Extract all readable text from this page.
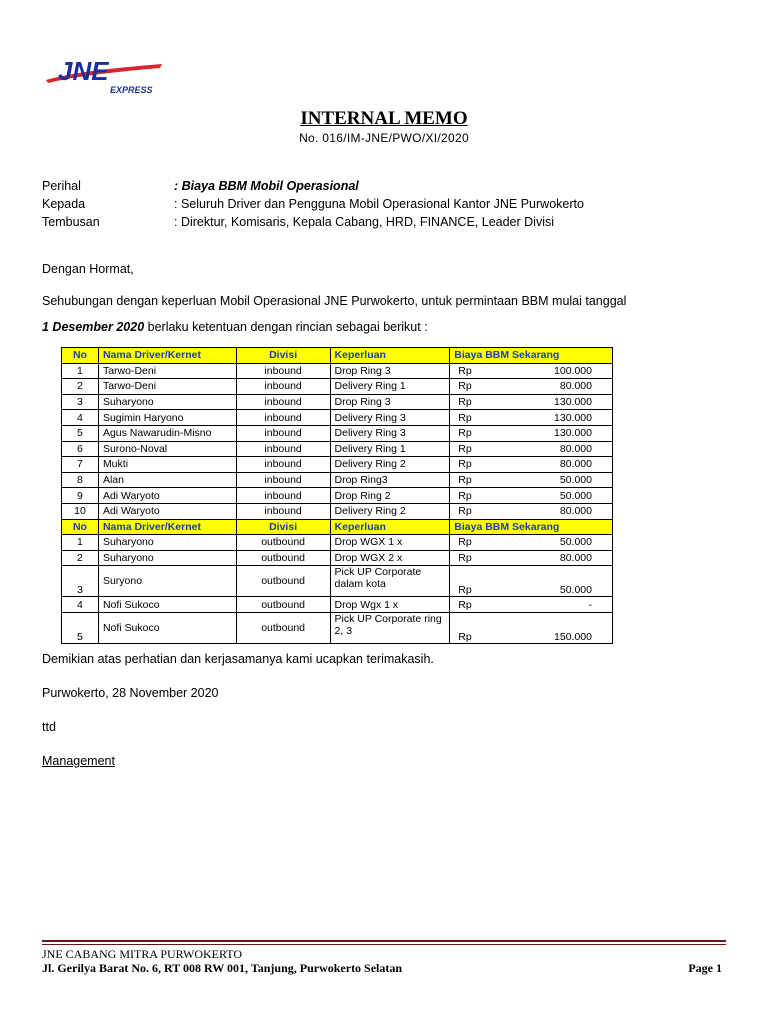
JNE
EXPRESS
INTERNAL MEMO
No. 016/IM-JNE/PWO/XI/2020
Perihal	: Biaya BBM Mobil Operasional
Kepada	: Seluruh Driver dan Pengguna Mobil Operasional Kantor JNE Purwokerto
Tembusan	: Direktur, Komisaris, Kepala Cabang, HRD, FINANCE, Leader Divisi
Dengan Hormat,
Sehubungan dengan keperluan Mobil Operasional JNE Purwokerto, untuk permintaan BBM mulai tanggal
1 Desember 2020 berlaku ketentuan dengan rincian sebagai berikut :
No	Nama Driver/Kernet	Divisi	Keperluan	Biaya BBM Sekarang
1	Tarwo-Deni	inbound	Drop Ring 3	Rp 100.000

2	Tarwo-Deni	inbound	Delivery Ring 1	Rp 80.000

3	Suharyono	inbound	Drop Ring 3	Rp 130.000

4	Sugimin Haryono	inbound	Delivery Ring 3	Rp 130.000

5	Agus Nawarudin-Misno	inbound	Delivery Ring 3	Rp 130.000

6	Surono-Noval	inbound	Delivery Ring 1	Rp 80.000

7	Mukti	inbound	Delivery Ring 2	Rp 80.000

8	Alan	inbound	Drop Ring3	Rp 50.000

9	Adi Waryoto	inbound	Drop Ring 2	Rp 50.000

10	Adi Waryoto	inbound	Delivery Ring 2	Rp 80.000

No	Nama Driver/Kernet	Divisi	Keperluan	Biaya BBM Sekarang
1	Suharyono	outbound	Drop WGX 1 x	Rp 50.000

2	Suharyono	outbound	Drop WGX 2 x	Rp 80.000

3	Suryono	outbound	Pick UP Corporate dalam kota	Rp 50.000

4	Nofi Sukoco	outbound	Drop Wgx 1 x	Rp -

5	Nofi Sukoco	outbound	Pick UP Corporate ring 2, 3	Rp 150.000
Demikian atas perhatian dan kerjasamanya kami ucapkan terimakasih.
Purwokerto, 28 November 2020
ttd
Management
JNE CABANG MITRA PURWOKERTO
Jl. Gerilya Barat No. 6, RT 008 RW 001, Tanjung, Purwokerto Selatan	Page 1
